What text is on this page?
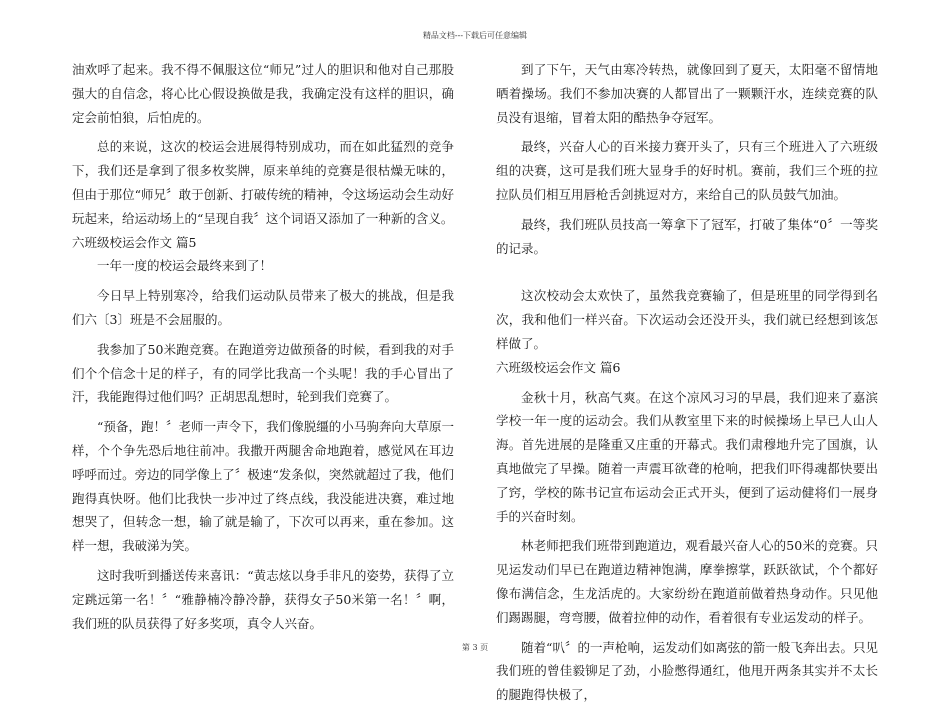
精品文档---下载后可任意编辑

油欢呼了起来。我不得不佩服这位“师兄”过人的胆识和他对自己那股强大的自信念，将心比心假设换做是我，我确定没有这样的胆识，确定会前怕狼，后怕虎的。

总的来说，这次的校运会进展得特别成功，而在如此猛烈的竞争下，我们还是拿到了很多枚奖牌，原来单纯的竞赛是很枯燥无味的，但由于那位“师兄〞敢于创新、打破传统的精神，令这场运动会生动好玩起来，给运动场上的“呈现自我〞这个词语又添加了一种新的含义。

六班级校运会作文 篇5

一年一度的校运会最终来到了！

今日早上特别寒冷，给我们运动队员带来了极大的挑战，但是我们六〔3〕班是不会屈服的。

我参加了50米跑竞赛。在跑道旁边做预备的时候，看到我的对手们个个信念十足的样子，有的同学比我高一个头呢！我的手心冒出了汗，我能跑得过他们吗？正胡思乱想时，轮到我们竞赛了。

“预备，跑！〞老师一声令下，我们像脱缰的小马驹奔向大草原一样，个个争先恐后地往前冲。我撒开两腿舍命地跑着，感觉风在耳边呼呼而过。旁边的同学像上了〞极速“发条似，突然就超过了我，他们跑得真快呀。他们比我快一步冲过了终点线，我没能进决赛，难过地想哭了，但转念一想，输了就是输了，下次可以再来，重在参加。这样一想，我破涕为笑。

这时我听到播送传来喜讯：“黄志炫以身手非凡的姿势，获得了立定跳远第一名！〞“雅静楠冷静冷静，获得女子50米第一名！〞啊，我们班的队员获得了好多奖项，真令人兴奋。

到了下午，天气由寒冷转热，就像回到了夏天，太阳毫不留情地晒着操场。我们不参加决赛的人都冒出了一颗颗汗水，连续竞赛的队员没有退缩，冒着太阳的酷热争夺冠军。

最终，兴奋人心的百米接力赛开头了，只有三个班进入了六班级组的决赛，这可是我们班大显身手的好时机。赛前，我们三个班的拉拉队员们相互用唇枪舌剑挑逗对方，来给自己的队员鼓气加油。

最终，我们班队员技高一筹拿下了冠军，打破了集体“0〞一等奖的记录。

这次校动会太欢快了，虽然我竞赛输了，但是班里的同学得到名次，我和他们一样兴奋。下次运动会还没开头，我们就已经想到该怎样做了。

六班级校运会作文 篇6

金秋十月，秋高气爽。在这个凉风习习的早晨，我们迎来了嘉滨学校一年一度的运动会。我们从教室里下来的时候操场上早已人山人海。首先进展的是隆重又庄重的开幕式。我们肃穆地升完了国旗，认真地做完了早操。随着一声震耳欲聋的枪响，把我们吓得魂都快要出了窍，学校的陈书记宣布运动会正式开头，便到了运动健将们一展身手的兴奋时刻。

林老师把我们班带到跑道边，观看最兴奋人心的50米的竞赛。只见运发动们早已在跑道边精神饱满，摩拳擦掌，跃跃欲试，个个都好像布满信念，生龙活虎的。大家纷纷在跑道前做着热身动作。只见他们踢踢腿，弯弯腰，做着拉伸的动作，看着很有专业运发动的样子。

随着“叭〞的一声枪响，运发动们如离弦的箭一般飞奔出去。只见我们班的曾佳毅铆足了劲，小脸憋得通红，他甩开两条其实并不太长的腿跑得快极了，

第 3 页
